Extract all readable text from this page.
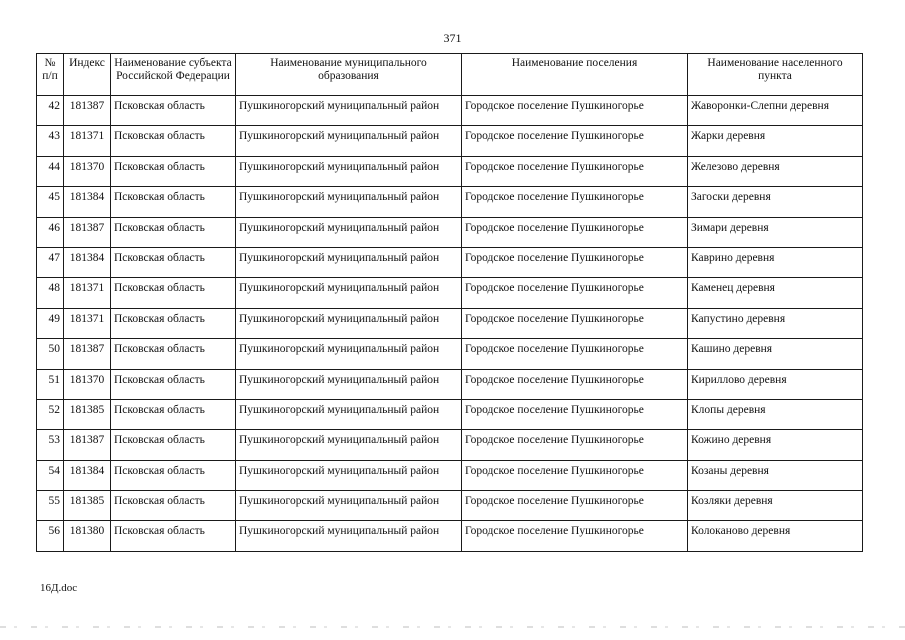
371
№ п/п	Индекс	Наименование субъекта Российской Федерации	Наименование муниципального образования	Наименование поселения	Наименование населенного пункта
42	181387	Псковская область	Пушкиногорский муниципальный район	Городское поселение Пушкиногорье	Жаворонки-Слепни деревня
43	181371	Псковская область	Пушкиногорский муниципальный район	Городское поселение Пушкиногорье	Жарки деревня
44	181370	Псковская область	Пушкиногорский муниципальный район	Городское поселение Пушкиногорье	Железово деревня
45	181384	Псковская область	Пушкиногорский муниципальный район	Городское поселение Пушкиногорье	Загоски деревня
46	181387	Псковская область	Пушкиногорский муниципальный район	Городское поселение Пушкиногорье	Зимари деревня
47	181384	Псковская область	Пушкиногорский муниципальный район	Городское поселение Пушкиногорье	Каврино деревня
48	181371	Псковская область	Пушкиногорский муниципальный район	Городское поселение Пушкиногорье	Каменец деревня
49	181371	Псковская область	Пушкиногорский муниципальный район	Городское поселение Пушкиногорье	Капустино деревня
50	181387	Псковская область	Пушкиногорский муниципальный район	Городское поселение Пушкиногорье	Кашино деревня
51	181370	Псковская область	Пушкиногорский муниципальный район	Городское поселение Пушкиногорье	Кириллово деревня
52	181385	Псковская область	Пушкиногорский муниципальный район	Городское поселение Пушкиногорье	Клопы деревня
53	181387	Псковская область	Пушкиногорский муниципальный район	Городское поселение Пушкиногорье	Кожино деревня
54	181384	Псковская область	Пушкиногорский муниципальный район	Городское поселение Пушкиногорье	Козаны деревня
55	181385	Псковская область	Пушкиногорский муниципальный район	Городское поселение Пушкиногорье	Козляки деревня
56	181380	Псковская область	Пушкиногорский муниципальный район	Городское поселение Пушкиногорье	Колоканово деревня
16Д.doc
